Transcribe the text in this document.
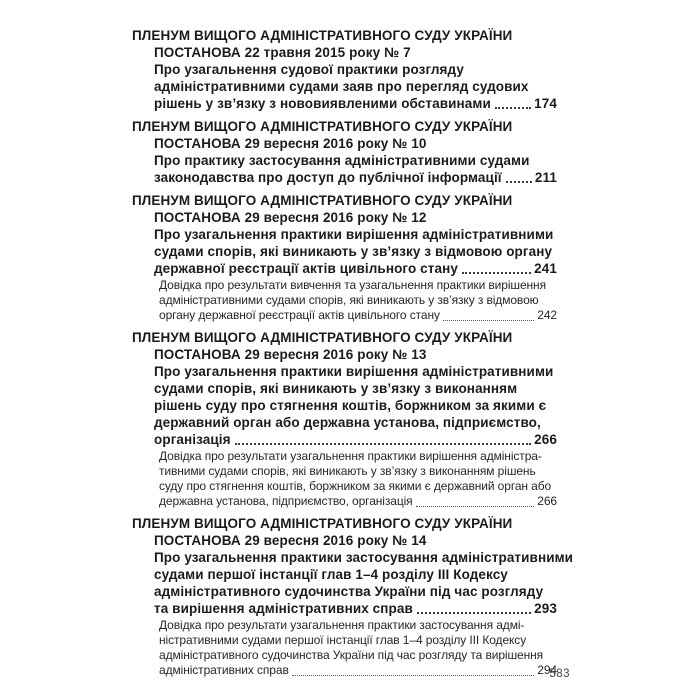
ПЛЕНУМ ВИЩОГО АДМІНІСТРАТИВНОГО СУДУ УКРАЇНИ
ПОСТАНОВА 22 травня 2015 року № 7
Про узагальнення судової практики розгляду
адміністративними судами заяв про перегляд судових
рішень у зв’язку з нововиявленими обставинами	174
ПЛЕНУМ ВИЩОГО АДМІНІСТРАТИВНОГО СУДУ УКРАЇНИ
ПОСТАНОВА 29 вересня 2016 року № 10
Про практику застосування адміністративними судами
законодавства про доступ до публічної інформації 211
ПЛЕНУМ ВИЩОГО АДМІНІСТРАТИВНОГО СУДУ УКРАЇНИ
ПОСТАНОВА 29 вересня 2016 року № 12
Про узагальнення практики вирішення адміністративними
судами спорів, які виникають у зв’язку з відмовою органу
державної реєстрації актів цивільного стану	241
Довідка про результати вивчення та узагальнення практики вирішення
адміністративними судами спорів, які виникають у зв’язку з відмовою
органу державної реєстрації актів цивільного стану	242
ПЛЕНУМ ВИЩОГО АДМІНІСТРАТИВНОГО СУДУ УКРАЇНИ
ПОСТАНОВА 29 вересня 2016 року № 13
Про узагальнення практики вирішення адміністративними
судами спорів, які виникають у зв’язку з виконанням
рішень суду про стягнення коштів, боржником за якими є
державний орган або державна установа, підприємство,
організація	266
Довідка про результати узагальнення практики вирішення адміністра-
тивними судами спорів, які виникають у зв’язку з виконанням рішень
суду про стягнення коштів, боржником за якими є державний орган або
державна установа, підприємство, організація	266
ПЛЕНУМ ВИЩОГО АДМІНІСТРАТИВНОГО СУДУ УКРАЇНИ
ПОСТАНОВА 29 вересня 2016 року № 14
Про узагальнення практики застосування адміністративними
судами першої інстанції глав 1–4 розділу ІІІ Кодексу
адміністративного судочинства України під час розгляду
та вирішення адміністративних справ	293
Довідка про результати узагальнення практики застосування адмі-
ністративними судами першої інстанції глав 1–4 розділу ІІІ Кодексу
адміністративного судочинства України під час розгляду та вирішення
адміністративних справ	294
583
